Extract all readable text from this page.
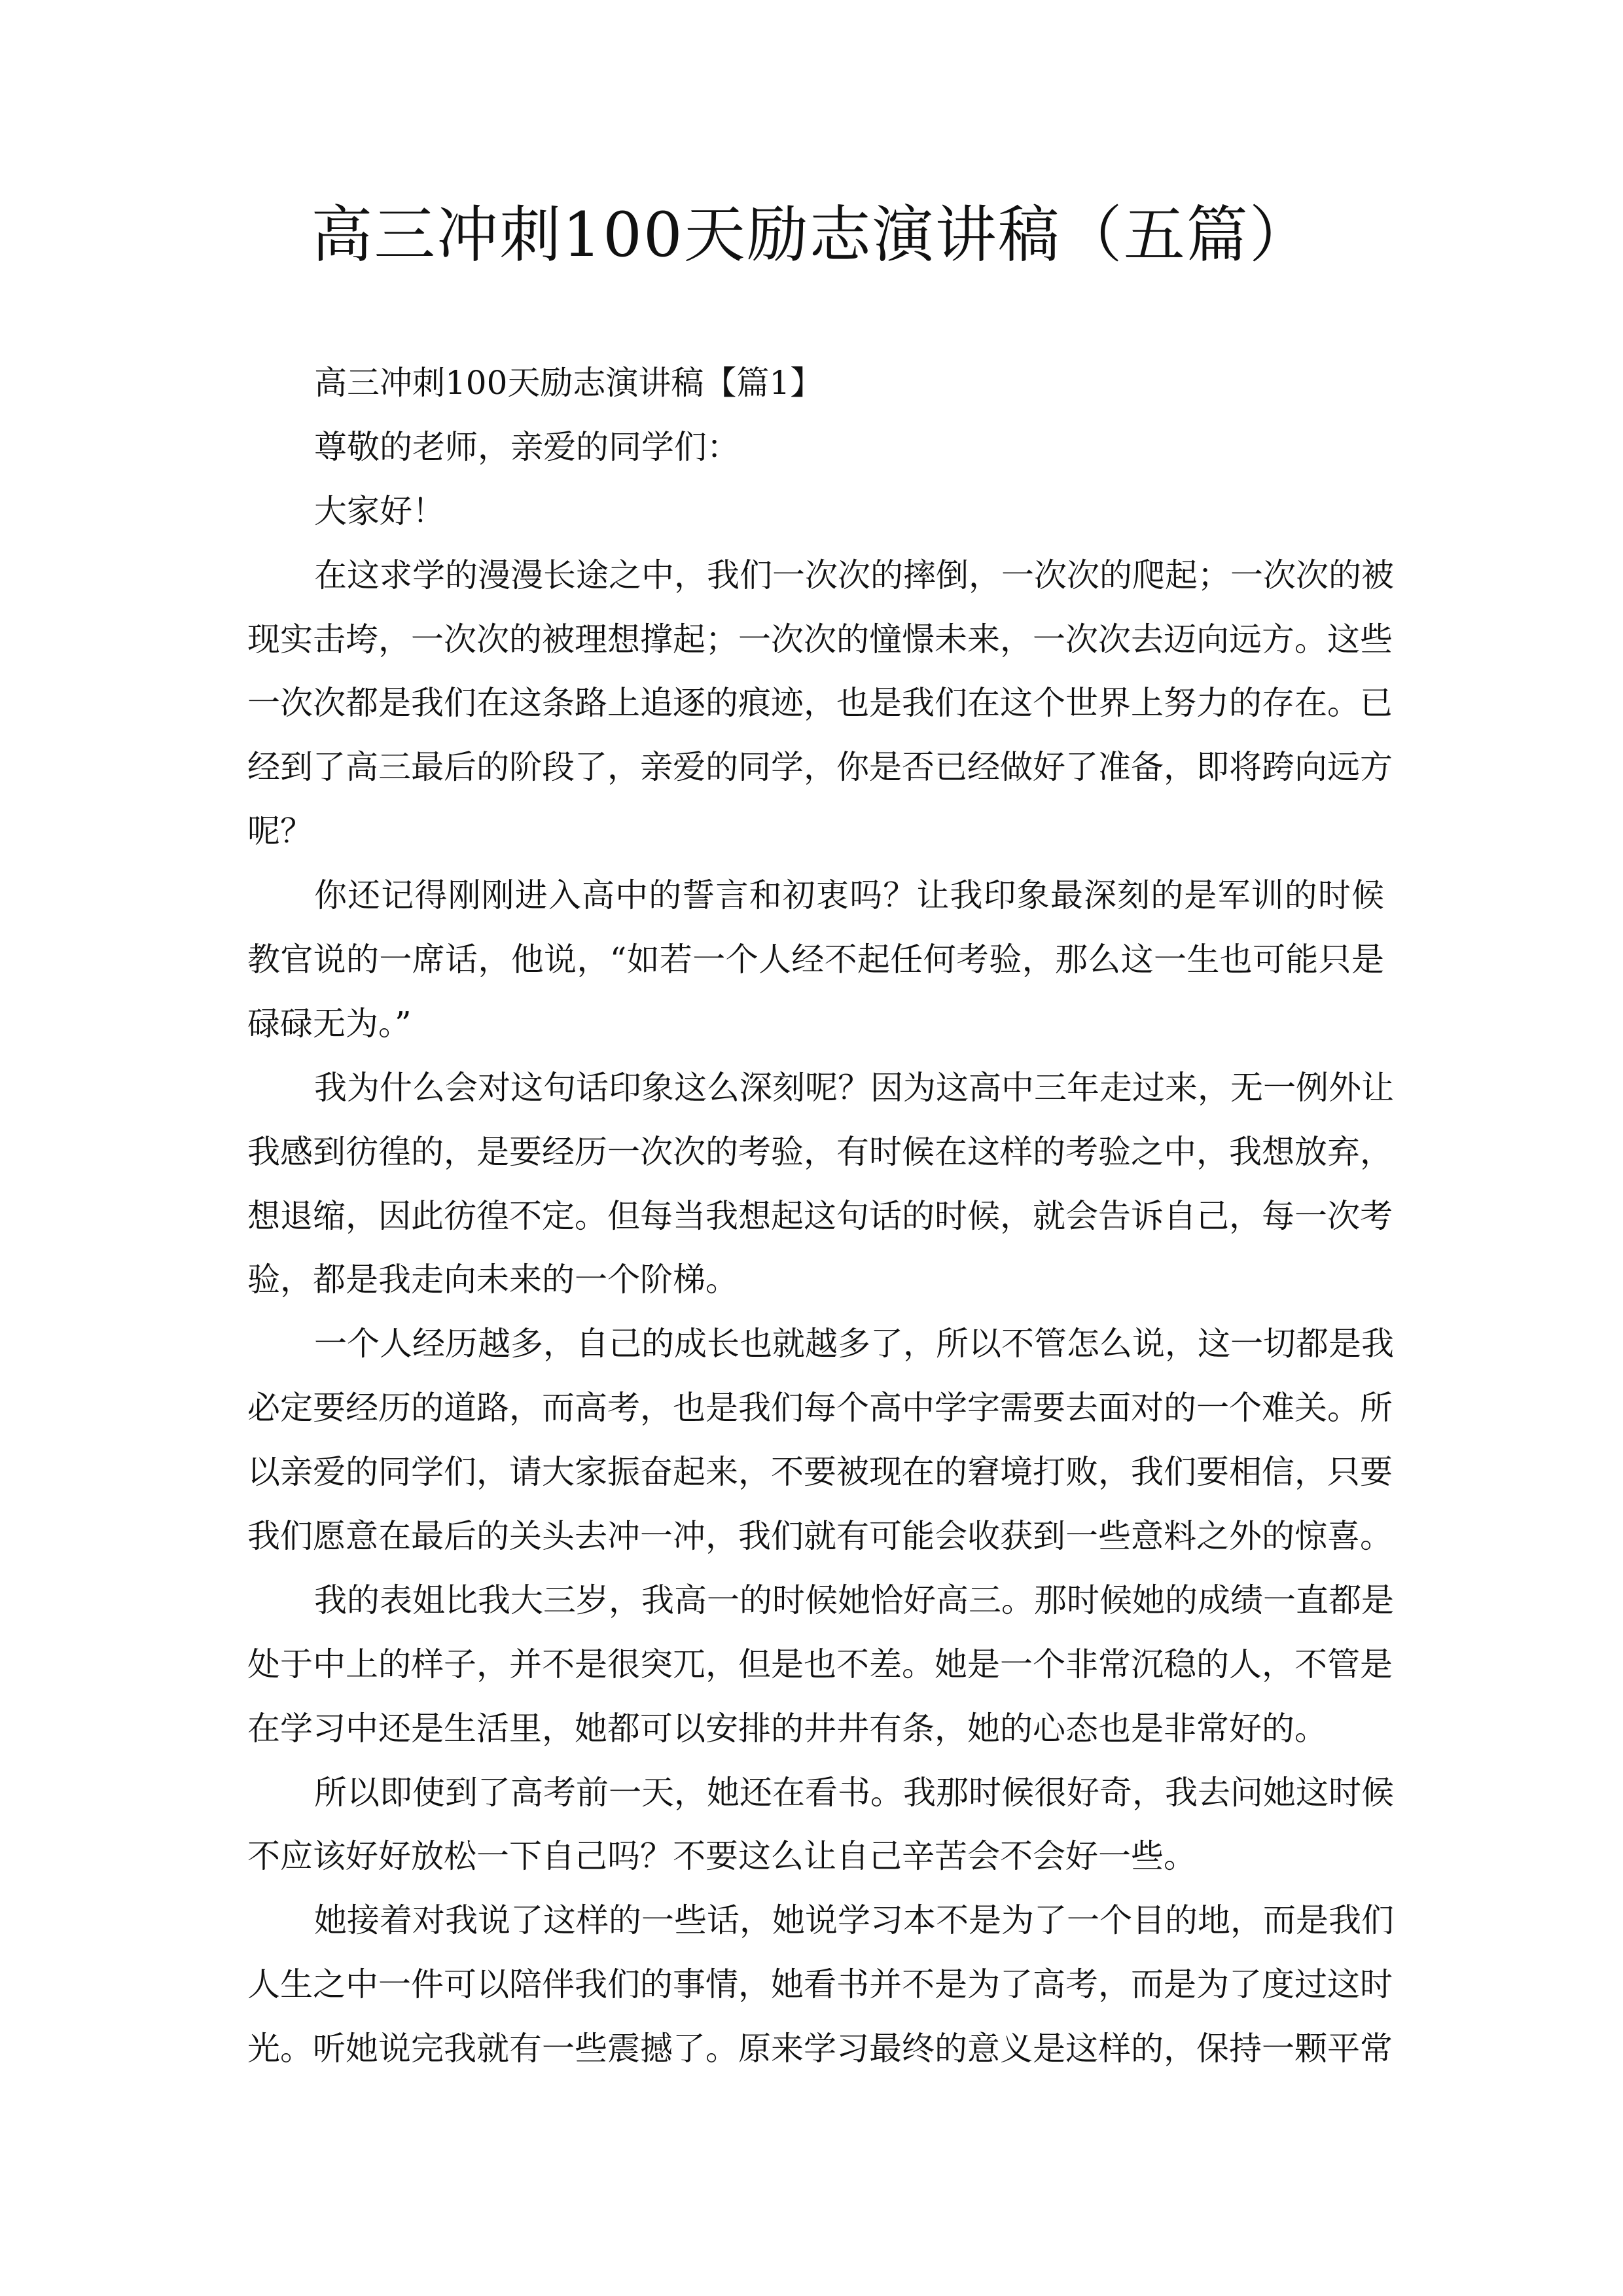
高三冲刺100天励志演讲稿（五篇）
高三冲刺100天励志演讲稿【篇1】
尊敬的老师，亲爱的同学们：
大家好！
在这求学的漫漫长途之中，我们一次次的摔倒，一次次的爬起；一次次的被
现实击垮，一次次的被理想撑起；一次次的憧憬未来，一次次去迈向远方。这些
一次次都是我们在这条路上追逐的痕迹，也是我们在这个世界上努力的存在。已
经到了高三最后的阶段了，亲爱的同学，你是否已经做好了准备，即将跨向远方
呢？
你还记得刚刚进入高中的誓言和初衷吗？让我印象最深刻的是军训的时候
教官说的一席话，他说，“如若一个人经不起任何考验，那么这一生也可能只是
碌碌无为。”
我为什么会对这句话印象这么深刻呢？因为这高中三年走过来，无一例外让
我感到彷徨的，是要经历一次次的考验，有时候在这样的考验之中，我想放弃，
想退缩，因此彷徨不定。但每当我想起这句话的时候，就会告诉自己，每一次考
验，都是我走向未来的一个阶梯。
一个人经历越多，自己的成长也就越多了，所以不管怎么说，这一切都是我
必定要经历的道路，而高考，也是我们每个高中学字需要去面对的一个难关。所
以亲爱的同学们，请大家振奋起来，不要被现在的窘境打败，我们要相信，只要
我们愿意在最后的关头去冲一冲，我们就有可能会收获到一些意料之外的惊喜。
我的表姐比我大三岁，我高一的时候她恰好高三。那时候她的成绩一直都是
处于中上的样子，并不是很突兀，但是也不差。她是一个非常沉稳的人，不管是
在学习中还是生活里，她都可以安排的井井有条，她的心态也是非常好的。
所以即使到了高考前一天，她还在看书。我那时候很好奇，我去问她这时候
不应该好好放松一下自己吗？不要这么让自己辛苦会不会好一些。
她接着对我说了这样的一些话，她说学习本不是为了一个目的地，而是我们
人生之中一件可以陪伴我们的事情，她看书并不是为了高考，而是为了度过这时
光。听她说完我就有一些震撼了。原来学习最终的意义是这样的，保持一颗平常
